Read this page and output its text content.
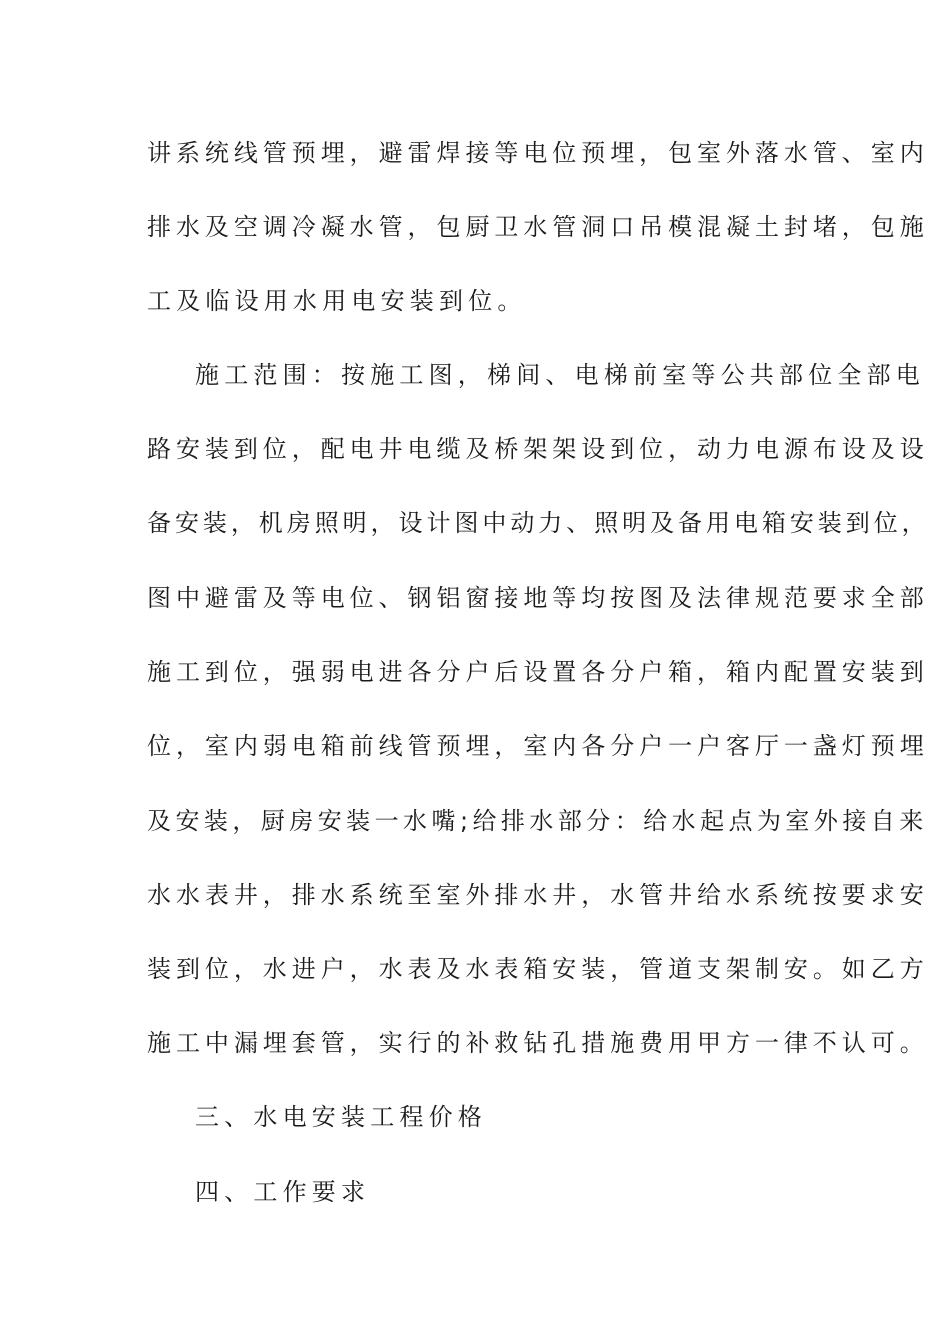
讲系统线管预埋，避雷焊接等电位预埋，包室外落水管、室内
排水及空调冷凝水管，包厨卫水管洞口吊模混凝土封堵，包施
工及临设用水用电安装到位。
施工范围：按施工图，梯间、电梯前室等公共部位全部电
路安装到位，配电井电缆及桥架架设到位，动力电源布设及设
备安装，机房照明，设计图中动力、照明及备用电箱安装到位，
图中避雷及等电位、钢铝窗接地等均按图及法律规范要求全部
施工到位，强弱电进各分户后设置各分户箱，箱内配置安装到
位，室内弱电箱前线管预埋，室内各分户一户客厅一盏灯预埋
及安装，厨房安装一水嘴;给排水部分：给水起点为室外接自来
水水表井，排水系统至室外排水井，水管井给水系统按要求安
装到位，水进户，水表及水表箱安装，管道支架制安。如乙方
施工中漏埋套管，实行的补救钻孔措施费用甲方一律不认可。
三、水电安装工程价格
四、工作要求
